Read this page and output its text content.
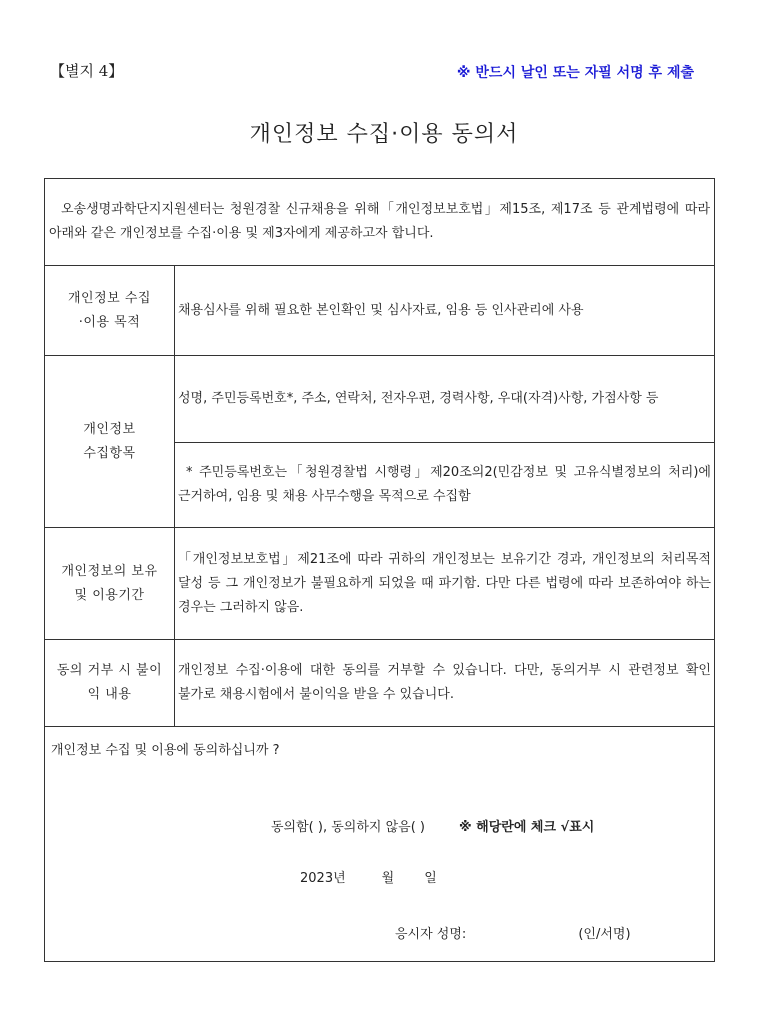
【별지 4】	※ 반드시 날인 또는 자필 서명 후 제출
개인정보 수집·이용 동의서
오송생명과학단지지원센터는 청원경찰 신규채용을 위해「개인정보보호법」제15조, 제17조 등 관계법령에 따라 아래와 같은 개인정보를 수집·이용 및 제3자에게 제공하고자 합니다.	

개인정보 수집
·이용 목적	채용심사를 위해 필요한 본인확인 및 심사자료, 임용 등 인사관리에 사용

개인정보
수집항목	성명, 주민등록번호*, 주소, 연락처, 전자우편, 경력사항, 우대(자격)사항, 가점사항 등
	* 주민등록번호는「청원경찰법 시행령」제20조의2(민감정보 및 고유식별정보의 처리)에 근거하여, 임용 및 채용 사무수행을 목적으로 수집함

개인정보의 보유
및 이용기간	「개인정보보호법」제21조에 따라 귀하의 개인정보는 보유기간 경과, 개인정보의 처리목적 달성 등 그 개인정보가 불필요하게 되었을 때 파기함. 다만 다른 법령에 따라 보존하여야 하는 경우는 그러하지 않음.

동의 거부 시 불이
익 내용	개인정보 수집·이용에 대한 동의를 거부할 수 있습니다. 다만, 동의거부 시 관련정보 확인 불가로 채용시험에서 불이익을 받을 수 있습니다.

개인정보 수집 및 이용에 동의하십니까 ?
동의함( ), 동의하지 않음( ) ※ 해당란에 체크 √표시
2023년 월 일
응시자 성명: (인/서명)	
